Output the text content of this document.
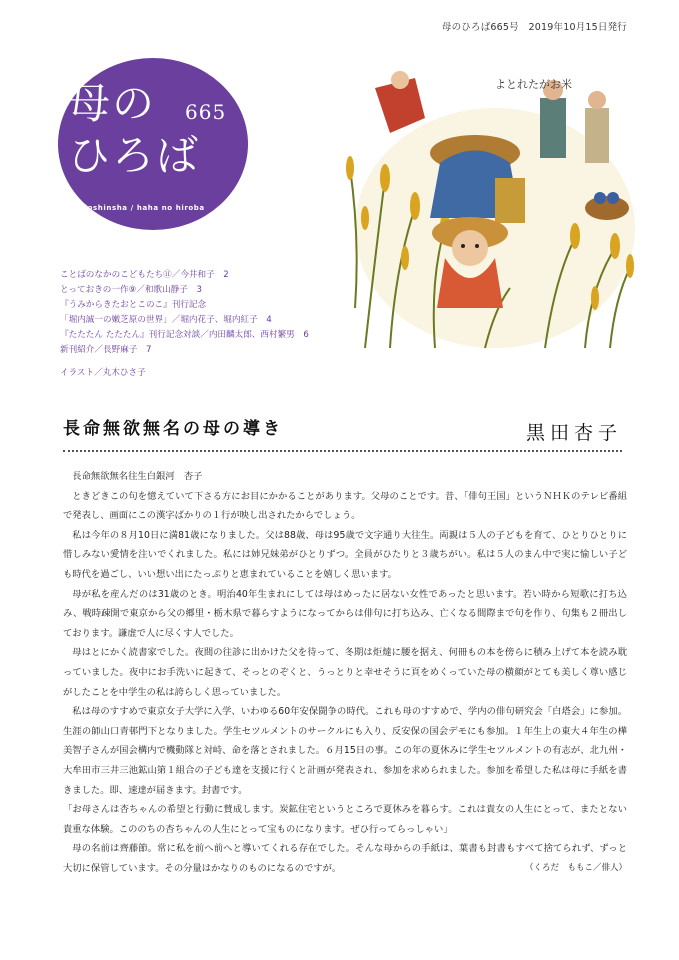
母のひろば665号　2019年10月15日発行
母の
ひろば
665
doshinsha / haha no hiroba
ことばのなかのこどもたち⑪／今井和子　2
とっておきの一作⑨／和歌山静子　3
『うみからきたおとこのこ』刊行記念
「堀内誠一の嫩芝原の世界」／堀内花子、堀内紅子　4
『たたたん たたたん』刊行記念対談／内田麟太郎、西村繁男　6
新刊紹介／長野麻子　7
イラスト／丸木ひさ子
よとれたがお米
長命無欲無名の母の導き	黒田杏子

長命無欲無名往生白銀河　杏子

ときどきこの句を憶えていて下さる方にお目にかかることがあります。父母のことです。昔、「俳句王国」というＮＨＫのテレビ番組で発表し、画面にこの漢字ばかりの１行が映し出されたからでしょう。

私は今年の８月10日に満81歳になりました。父は88歳、母は95歳で文字通り大往生。両親は５人の子どもを育て、ひとりひとりに惜しみない愛情を注いでくれました。私には姉兄妹弟がひとりずつ。全員がひたりと３歳ちがい。私は５人のまん中で実に愉しい子ども時代を過ごし、いい想い出にたっぷりと恵まれていることを嬉しく思います。

母が私を産んだのは31歳のとき。明治40年生まれにしては母はめったに居ない女性であったと思います。若い時から短歌に打ち込み、戦時疎開で東京から父の郷里・栃木県で暮らすようになってからは俳句に打ち込み、亡くなる間際まで句を作り、句集も２冊出しております。謙虚で人に尽くす人でした。

母はとにかく読書家でした。夜間の往診に出かけた父を待って、冬期は炬燵に腰を据え、何冊もの本を傍らに積み上げて本を読み耽っていました。夜中にお手洗いに起きて、そっとのぞくと、うっとりと幸せそうに頁をめくっていた母の横顔がとても美しく尊い感じがしたことを中学生の私は誇らしく思っていました。

私は母のすすめで東京女子大学に入学、いわゆる60年安保闘争の時代。これも母のすすめで、学内の俳句研究会「白塔会」に参加。生涯の師山口青邨門下となりました。学生セツルメントのサークルにも入り、反安保の国会デモにも参加。１年生上の東大４年生の樺美智子さんが国会構内で機動隊と対峙、命を落とされました。６月15日の事。この年の夏休みに学生セツルメントの有志が、北九州・大牟田市三井三池鉱山第１組合の子ども達を支援に行くと計画が発表され、参加を求められました。参加を希望した私は母に手紙を書きました。即、速達が届きます。封書です。

「お母さんは杏ちゃんの希望と行動に賛成します。炭鉱住宅というところで夏休みを暮らす。これは貴女の人生にとって、またとない貴重な体験。こののちの杏ちゃんの人生にとって宝ものになります。ぜひ行ってらっしゃい」

母の名前は齊藤節。常に私を前へ前へと導いてくれる存在でした。そんな母からの手紙は、葉書も封書もすべて捨てられず、ずっと大切に保管しています。その分量はかなりのものになるのですが。	（くろだ　ももこ／俳人）
